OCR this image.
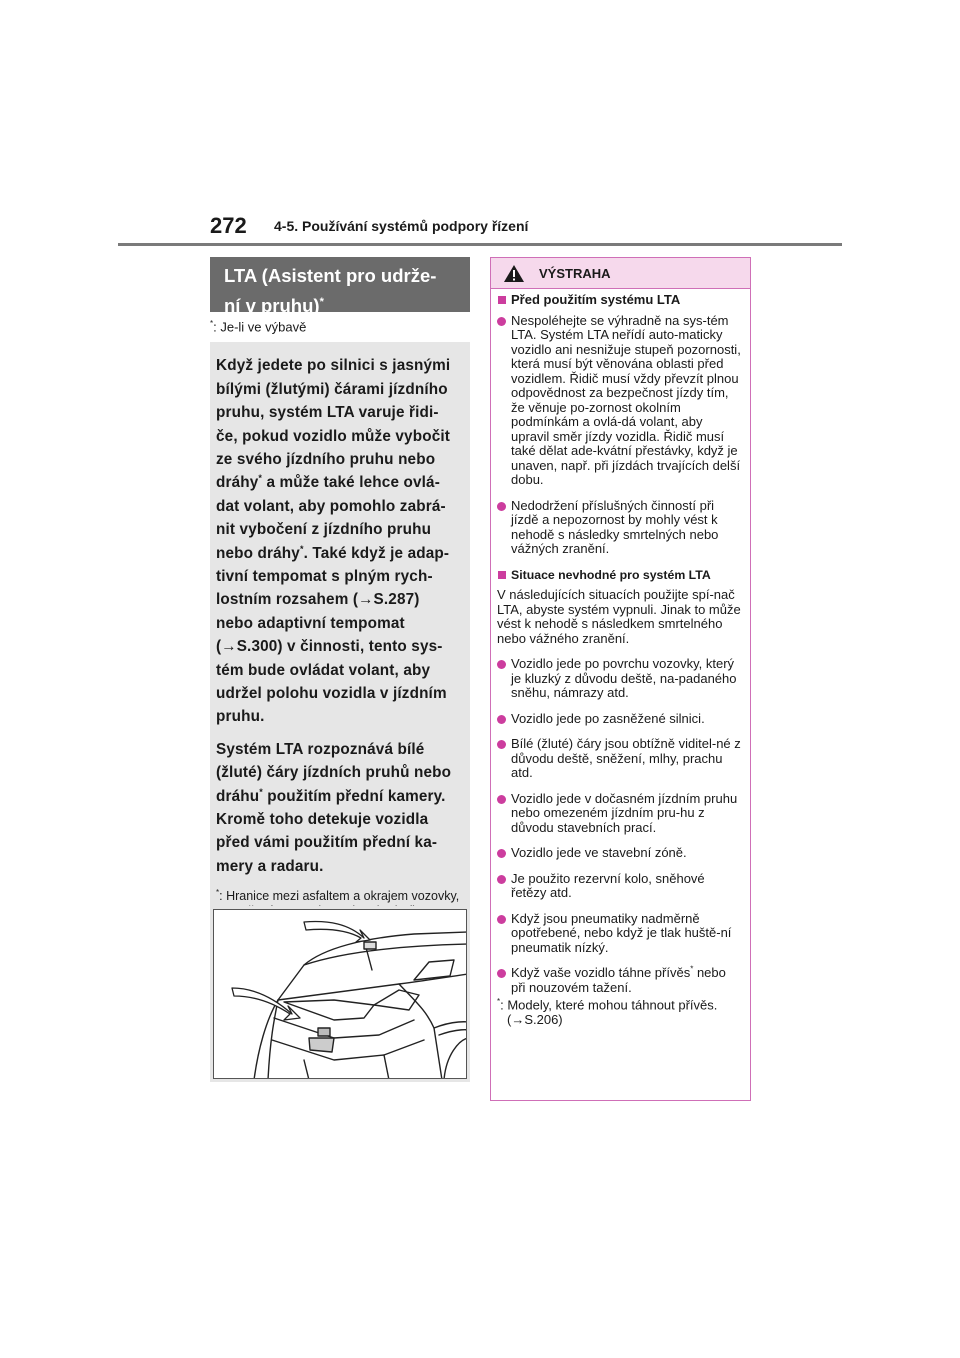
272 4-5. Používání systémů podpory řízení
LTA (Asistent pro udrže-
ní v pruhu)*
*: Je-li ve výbavě

Když jedete po silnici s jasnými bílými (žlutými) čárami jízdního pruhu, systém LTA varuje řidi-če, pokud vozidlo může vybočit ze svého jízdního pruhu nebo dráhy* a může také lehce ovlá-dat volant, aby pomohlo zabrá-nit vybočení z jízdního pruhu nebo dráhy*. Také když je adap-tivní tempomat s plným rych-lostním rozsahem (→S.287) nebo adaptivní tempomat (→S.300) v činnosti, tento sys-tém bude ovládat volant, aby udržel polohu vozidla v jízdním pruhu.

Systém LTA rozpoznává bílé (žluté) čáry jízdních pruhů nebo dráhu* použitím přední kamery. Kromě toho detekuje vozidla před vámi použitím přední ka-mery a radaru.

*: Hranice mezi asfaltem a okrajem vozovky,

VÝSTRAHA
Před použitím systému LTA
Nespoléhejte se výhradně na sys-tém LTA. Systém LTA neřídí auto-maticky vozidlo ani nesnižuje stupeň pozornosti, která musí být věnována oblasti před vozidlem. Řidič musí vždy převzít plnou odpovědnost za bezpečnost jízdy tím, že věnuje po-zornost okolním podmínkám a ovlá-dá volant, aby upravil směr jízdy vozidla. Řidič musí také dělat ade-kvátní přestávky, když je unaven, např. při jízdách trvajících delší dobu.
Nedodržení příslušných činností při jízdě a nepozornost by mohly vést k nehodě s následky smrtelných nebo vážných zranění.
Situace nevhodné pro systém LTA
V následujících situacích použijte spí-nač LTA, abyste systém vypnuli. Jinak to může vést k nehodě s následkem smrtelného nebo vážného zranění.
Vozidlo jede po povrchu vozovky, který je kluzký z důvodu deště, na-padaného sněhu, námrazy atd.
Vozidlo jede po zasněžené silnici.
Bílé (žluté) čáry jsou obtížně viditel-né z důvodu deště, sněžení, mlhy, prachu atd.
Vozidlo jede v dočasném jízdním pruhu nebo omezeném jízdním pru-hu z důvodu stavebních prací.
Vozidlo jede ve stavební zóně.
Je použito rezervní kolo, sněhové řetězy atd.
Když jsou pneumatiky nadměrně opotřebené, nebo když je tlak huště-ní pneumatik nízký.
Když vaše vozidlo táhne přívěs* nebo při nouzovém tažení.
*: Modely, které mohou táhnout přívěs. (→S.206)
